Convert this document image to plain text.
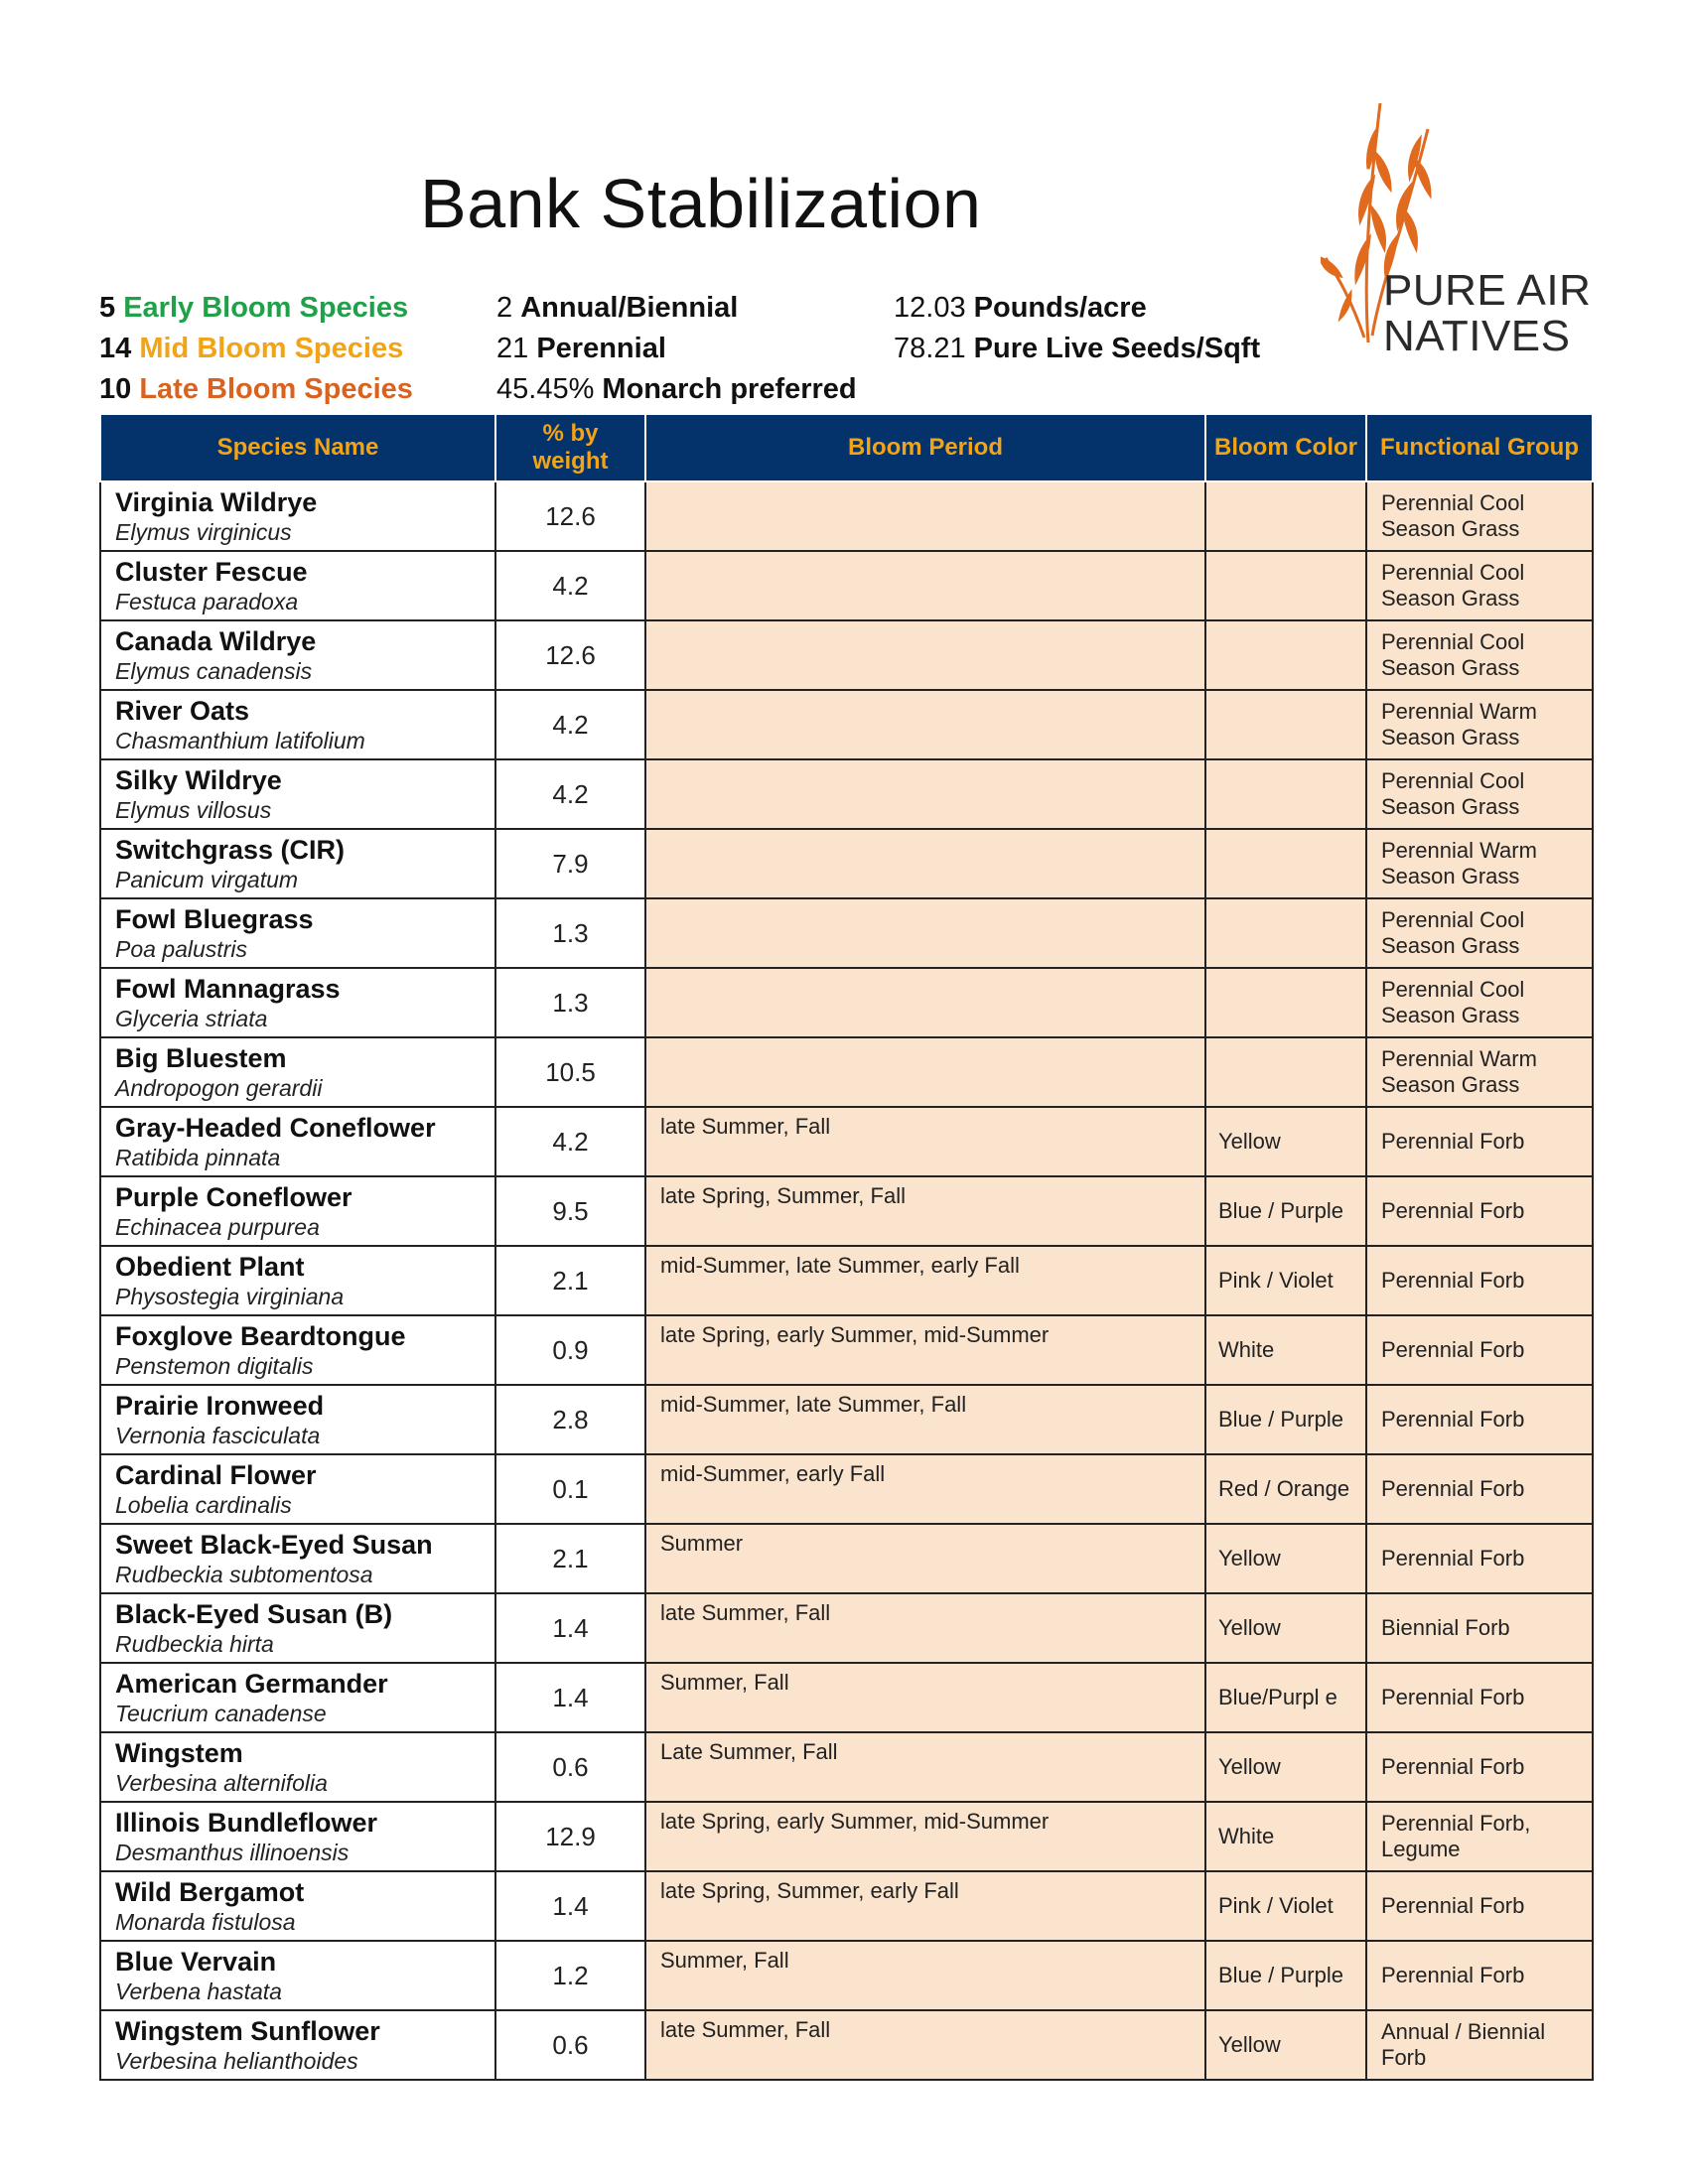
Bank Stabilization
PURE AIR
NATIVES
5 Early Bloom Species
14 Mid Bloom Species
10 Late Bloom Species
2 Annual/Biennial
21 Perennial
45.45% Monarch preferred
12.03 Pounds/acre
78.21 Pure Live Seeds/Sqft
Species Name	% by weight	Bloom Period	Bloom Color	Functional Group

Virginia Wildrye
Elymus virginicus	12.6			Perennial Cool Season Grass

Cluster Fescue
Festuca paradoxa	4.2			Perennial Cool Season Grass

Canada Wildrye
Elymus canadensis	12.6			Perennial Cool Season Grass

River Oats
Chasmanthium latifolium	4.2			Perennial Warm Season Grass

Silky Wildrye
Elymus villosus	4.2			Perennial Cool Season Grass

Switchgrass (CIR)
Panicum virgatum	7.9			Perennial Warm Season Grass

Fowl Bluegrass
Poa palustris	1.3			Perennial Cool Season Grass

Fowl Mannagrass
Glyceria striata	1.3			Perennial Cool Season Grass

Big Bluestem
Andropogon gerardii	10.5			Perennial Warm Season Grass

Gray-Headed Coneflower
Ratibida pinnata	4.2	late Summer, Fall	Yellow	Perennial Forb

Purple Coneflower
Echinacea purpurea	9.5	late Spring, Summer, Fall	Blue / Purple	Perennial Forb

Obedient Plant
Physostegia virginiana	2.1	mid-Summer, late Summer, early Fall	Pink / Violet	Perennial Forb

Foxglove Beardtongue
Penstemon digitalis	0.9	late Spring, early Summer, mid-Summer	White	Perennial Forb

Prairie Ironweed
Vernonia fasciculata	2.8	mid-Summer, late Summer, Fall	Blue / Purple	Perennial Forb

Cardinal Flower
Lobelia cardinalis	0.1	mid-Summer, early Fall	Red / Orange	Perennial Forb

Sweet Black-Eyed Susan
Rudbeckia subtomentosa	2.1	Summer	Yellow	Perennial Forb

Black-Eyed Susan (B)
Rudbeckia hirta	1.4	late Summer, Fall	Yellow	Biennial Forb

American Germander
Teucrium canadense	1.4	Summer, Fall	Blue/Purpl e	Perennial Forb

Wingstem
Verbesina alternifolia	0.6	Late Summer, Fall	Yellow	Perennial Forb

Illinois Bundleflower
Desmanthus illinoensis	12.9	late Spring, early Summer, mid-Summer	White	Perennial Forb, Legume

Wild Bergamot
Monarda fistulosa	1.4	late Spring, Summer, early Fall	Pink / Violet	Perennial Forb

Blue Vervain
Verbena hastata	1.2	Summer, Fall	Blue / Purple	Perennial Forb

Wingstem Sunflower
Verbesina helianthoides	0.6	late Summer, Fall	Yellow	Annual / Biennial Forb
